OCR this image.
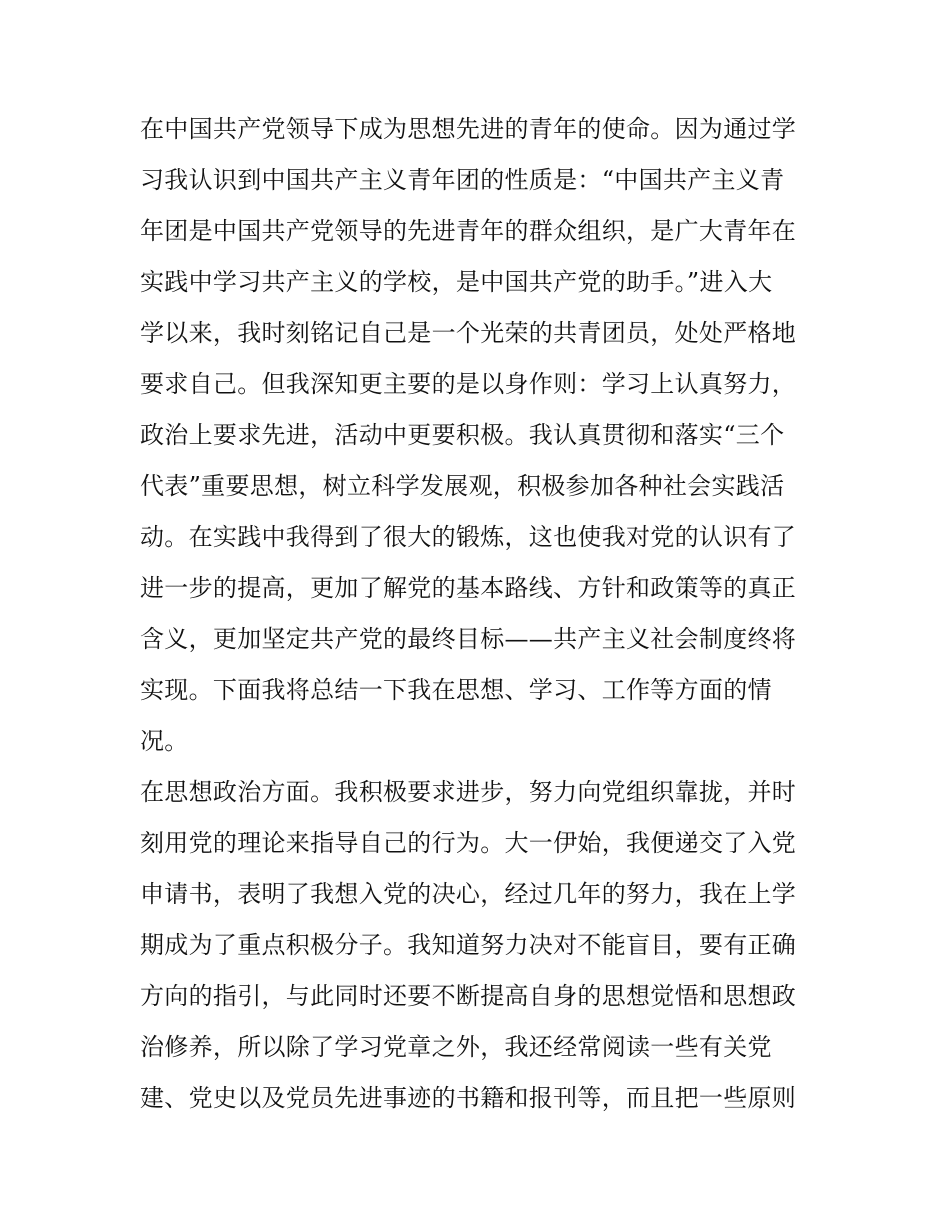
在中国共产党领导下成为思想先进的青年的使命。因为通过学
习我认识到中国共产主义青年团的性质是：“中国共产主义青
年团是中国共产党领导的先进青年的群众组织，是广大青年在
实践中学习共产主义的学校，是中国共产党的助手。”进入大
学以来，我时刻铭记自己是一个光荣的共青团员，处处严格地
要求自己。但我深知更主要的是以身作则：学习上认真努力，
政治上要求先进，活动中更要积极。我认真贯彻和落实“三个
代表”重要思想，树立科学发展观，积极参加各种社会实践活
动。在实践中我得到了很大的锻炼，这也使我对党的认识有了
进一步的提高，更加了解党的基本路线、方针和政策等的真正
含义，更加坚定共产党的最终目标——共产主义社会制度终将
实现。下面我将总结一下我在思想、学习、工作等方面的情
况。
在思想政治方面。我积极要求进步，努力向党组织靠拢，并时
刻用党的理论来指导自己的行为。大一伊始，我便递交了入党
申请书，表明了我想入党的决心，经过几年的努力，我在上学
期成为了重点积极分子。我知道努力决对不能盲目，要有正确
方向的指引，与此同时还要不断提高自身的思想觉悟和思想政
治修养，所以除了学习党章之外，我还经常阅读一些有关党
建、党史以及党员先进事迹的书籍和报刊等，而且把一些原则
